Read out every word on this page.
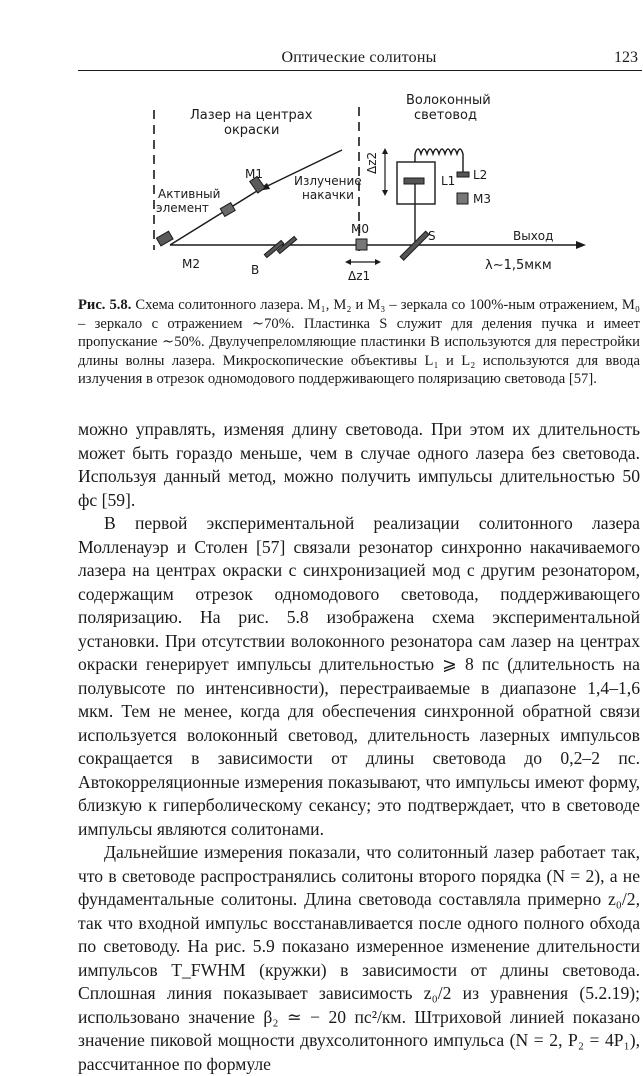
Оптические солитоны	123
Лазер на центрах
окраски
Волоконный
световод
Активный
элемент
Излучение
накачки
M1
M2
M0
M3
B
S
L1 L2
Δz1
Δz2
Выход
λ∼1,5мкм
Рис. 5.8. Схема солитонного лазера. M₁, M₂ и M₃ – зеркала со 100%-ным отражением, M₀ – зеркало с отражением ∼70%. Пластинка S служит для деления пучка и имеет пропускание ∼50%. Двулучепреломляющие пластинки B используются для перестройки длины волны лазера. Микроскопические объективы L₁ и L₂ используются для ввода излучения в отрезок одномодового поддерживающего поляризацию световода [57].

можно управлять, изменяя длину световода. При этом их длительность может быть гораздо меньше, чем в случае одного лазера без световода. Используя данный метод, можно получить импульсы длительностью 50 фс [59].

В первой экспериментальной реализации солитонного лазера Молленауэр и Столен [57] связали резонатор синхронно накачиваемого лазера на центрах окраски с синхронизацией мод с другим резонатором, содержащим отрезок одномодового световода, поддерживающего поляризацию. На рис. 5.8 изображена схема экспериментальной установки. При отсутствии волоконного резонатора сам лазер на центрах окраски генерирует импульсы длительностью ⩾ 8 пс (длительность на полувысоте по интенсивности), перестраиваемые в диапазоне 1,4–1,6 мкм. Тем не менее, когда для обеспечения синхронной обратной связи используется волоконный световод, длительность лазерных импульсов сокращается в зависимости от длины световода до 0,2–2 пс. Автокорреляционные измерения показывают, что импульсы имеют форму, близкую к гиперболическому секансу; это подтверждает, что в световоде импульсы являются солитонами.

Дальнейшие измерения показали, что солитонный лазер работает так, что в световоде распространялись солитоны второго порядка (N = 2), а не фундаментальные солитоны. Длина световода составляла примерно z₀/2, так что входной импульс восстанавливается после одного полного обхода по световоду. На рис. 5.9 показано измеренное изменение длительности импульсов T_FWHM (кружки) в зависимости от длины световода. Сплошная линия показывает зависимость z₀/2 из уравнения (5.2.19); использовано значение β₂ ≃ − 20 пс²/км. Штриховой линией показано значение пиковой мощности двухсолитонного импульса (N = 2, P₂ = 4P₁), рассчитанное по формуле
